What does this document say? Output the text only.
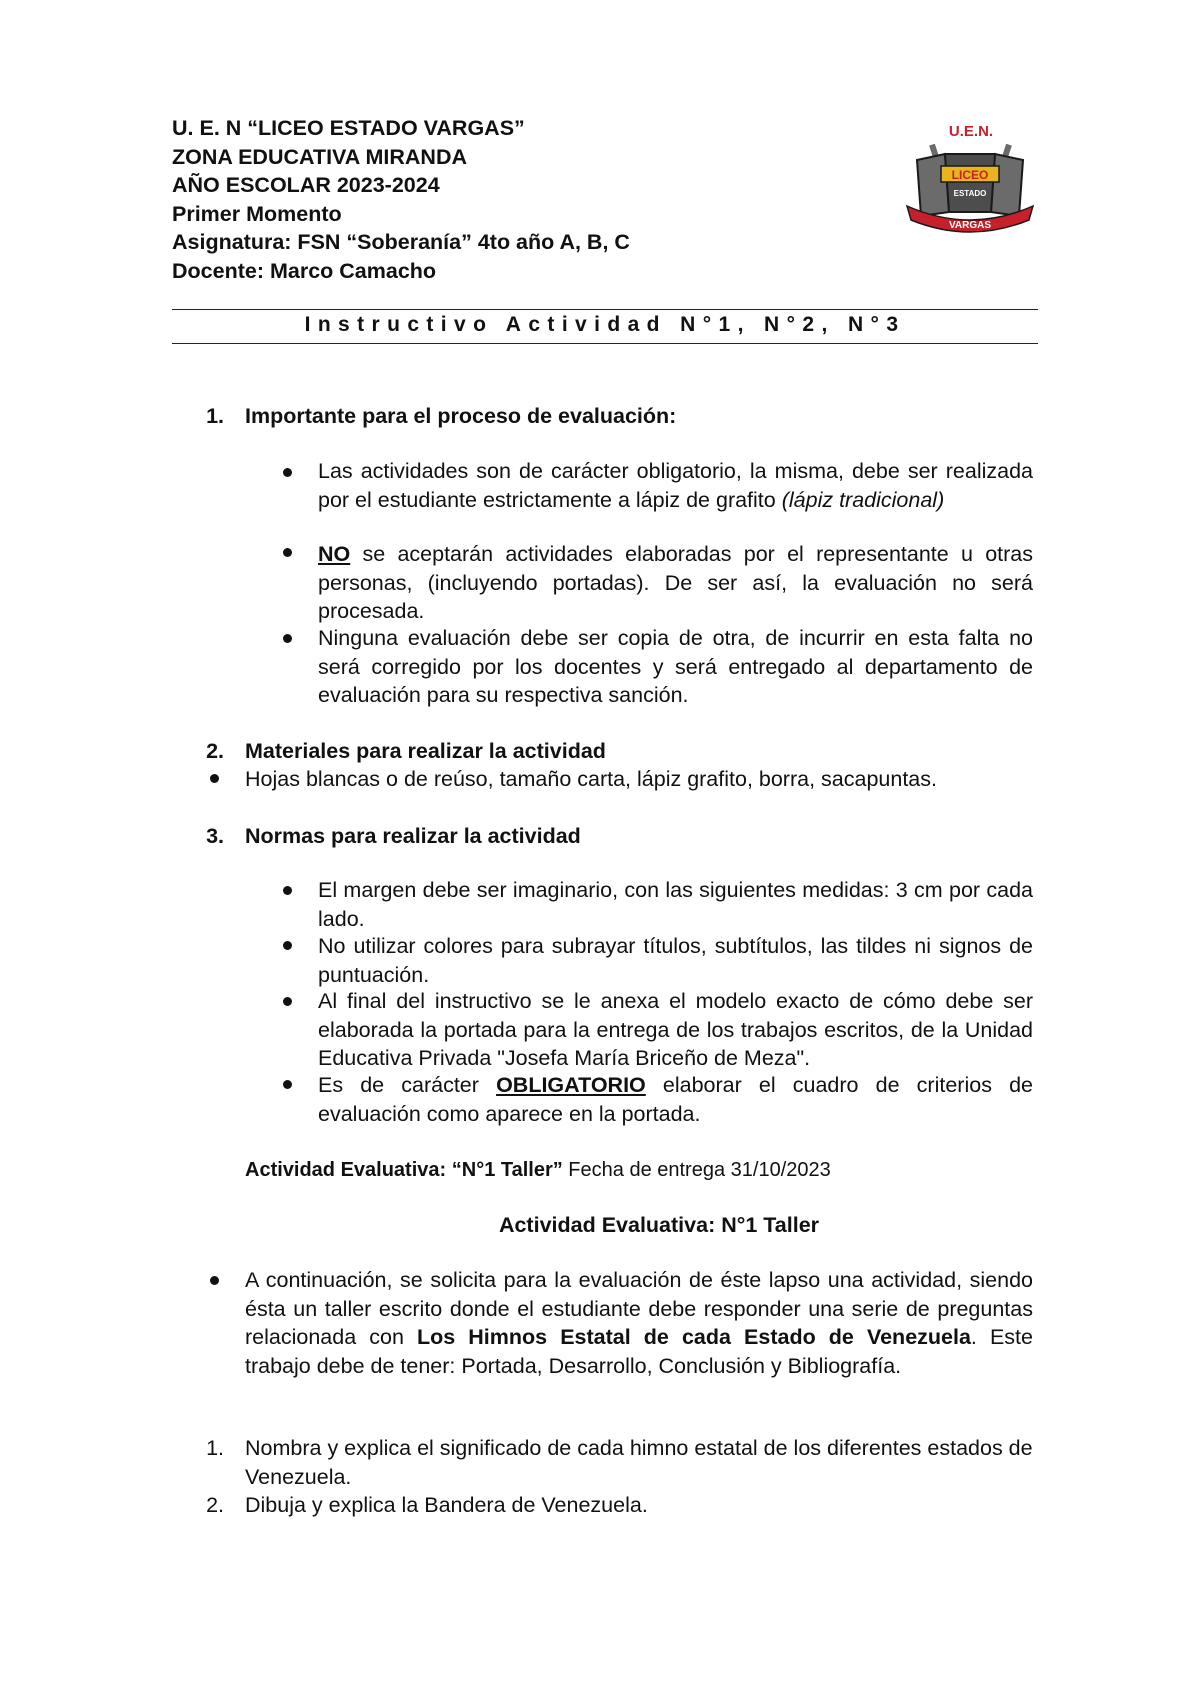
U. E. N “LICEO ESTADO VARGAS”
ZONA EDUCATIVA MIRANDA
AÑO ESCOLAR 2023-2024
Primer Momento
Asignatura: FSN “Soberanía” 4to año A, B, C
Docente: Marco Camacho
U.E.N.
LICEO
ESTADO
VARGAS
Instructivo Actividad N°1, N°2, N°3
1. Importante para el proceso de evaluación:
Las actividades son de carácter obligatorio, la misma, debe ser realizada por el estudiante estrictamente a lápiz de grafito (lápiz tradicional)
NO se aceptarán actividades elaboradas por el representante u otras personas, (incluyendo portadas). De ser así, la evaluación no será procesada.
Ninguna evaluación debe ser copia de otra, de incurrir en esta falta no será corregido por los docentes y será entregado al departamento de evaluación para su respectiva sanción.
2. Materiales para realizar la actividad
Hojas blancas o de reúso, tamaño carta, lápiz grafito, borra, sacapuntas.
3. Normas para realizar la actividad
El margen debe ser imaginario, con las siguientes medidas: 3 cm por cada lado.
No utilizar colores para subrayar títulos, subtítulos, las tildes ni signos de puntuación.
Al final del instructivo se le anexa el modelo exacto de cómo debe ser elaborada la portada para la entrega de los trabajos escritos, de la Unidad Educativa Privada "Josefa María Briceño de Meza".
Es de carácter OBLIGATORIO elaborar el cuadro de criterios de evaluación como aparece en la portada.
Actividad Evaluativa: “N°1 Taller” Fecha de entrega 31/10/2023
Actividad Evaluativa: N°1 Taller
A continuación, se solicita para la evaluación de éste lapso una actividad, siendo ésta un taller escrito donde el estudiante debe responder una serie de preguntas relacionada con Los Himnos Estatal de cada Estado de Venezuela. Este trabajo debe de tener: Portada, Desarrollo, Conclusión y Bibliografía.
1. Nombra y explica el significado de cada himno estatal de los diferentes estados de Venezuela.
2. Dibuja y explica la Bandera de Venezuela.
